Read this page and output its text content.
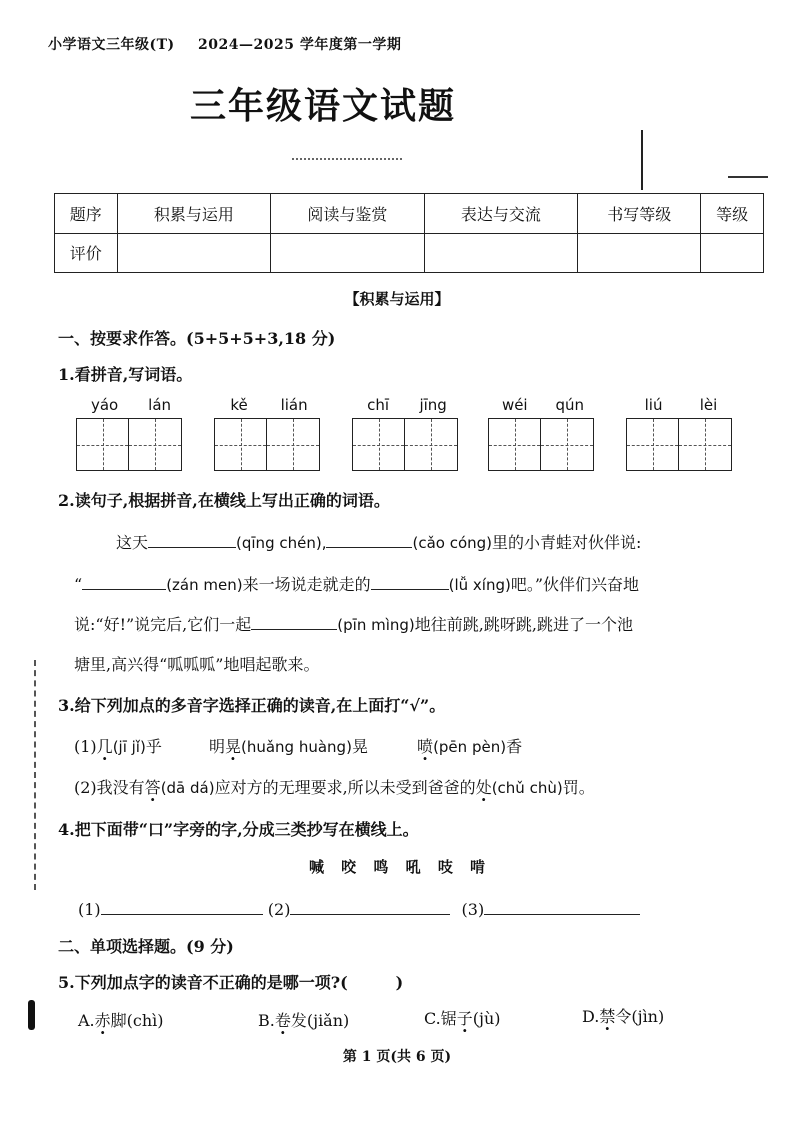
小学语文三年级(T) 2024—2025 学年度第一学期
三年级语文试题
题序	积累与运用	阅读与鉴赏	表达与交流	书写等级	等级
评价					
【积累与运用】
一、按要求作答。(5+5+5+3,18 分)
1.看拼音,写词语。
yáo lán	kě lián	chī jīng	wéi qún	liú lèi
2.读句子,根据拼音,在横线上写出正确的词语。
这天	(qīng chén),	(cǎo cóng)里的小青蛙对伙伴说:
“	(zán men)来一场说走就走的	(lǚ xíng)吧。”伙伴们兴奋地
说:“好!”说完后,它们一起	(pīn mìng)地往前跳,跳呀跳,跳进了一个池
塘里,高兴得“呱呱呱”地唱起歌来。
3.给下列加点的多音字选择正确的读音,在上面打“√”。
(1)几(jī jǐ)乎	明晃(huǎng huàng)晃	喷(pēn pèn)香
(2)我没有答(dā dá)应对方的无理要求,所以未受到爸爸的处(chǔ chù)罚。
4.把下面带“口”字旁的字,分成三类抄写在横线上。
喊 咬 鸣 吼 吱 啃
(1)	(2)	(3)
二、单项选择题。(9 分)
5.下列加点字的读音不正确的是哪一项?(　　　)
A.赤脚(chì)	B.卷发(jiǎn)	C.锯子(jù)	D.禁令(jìn)
第 1 页(共 6 页)
